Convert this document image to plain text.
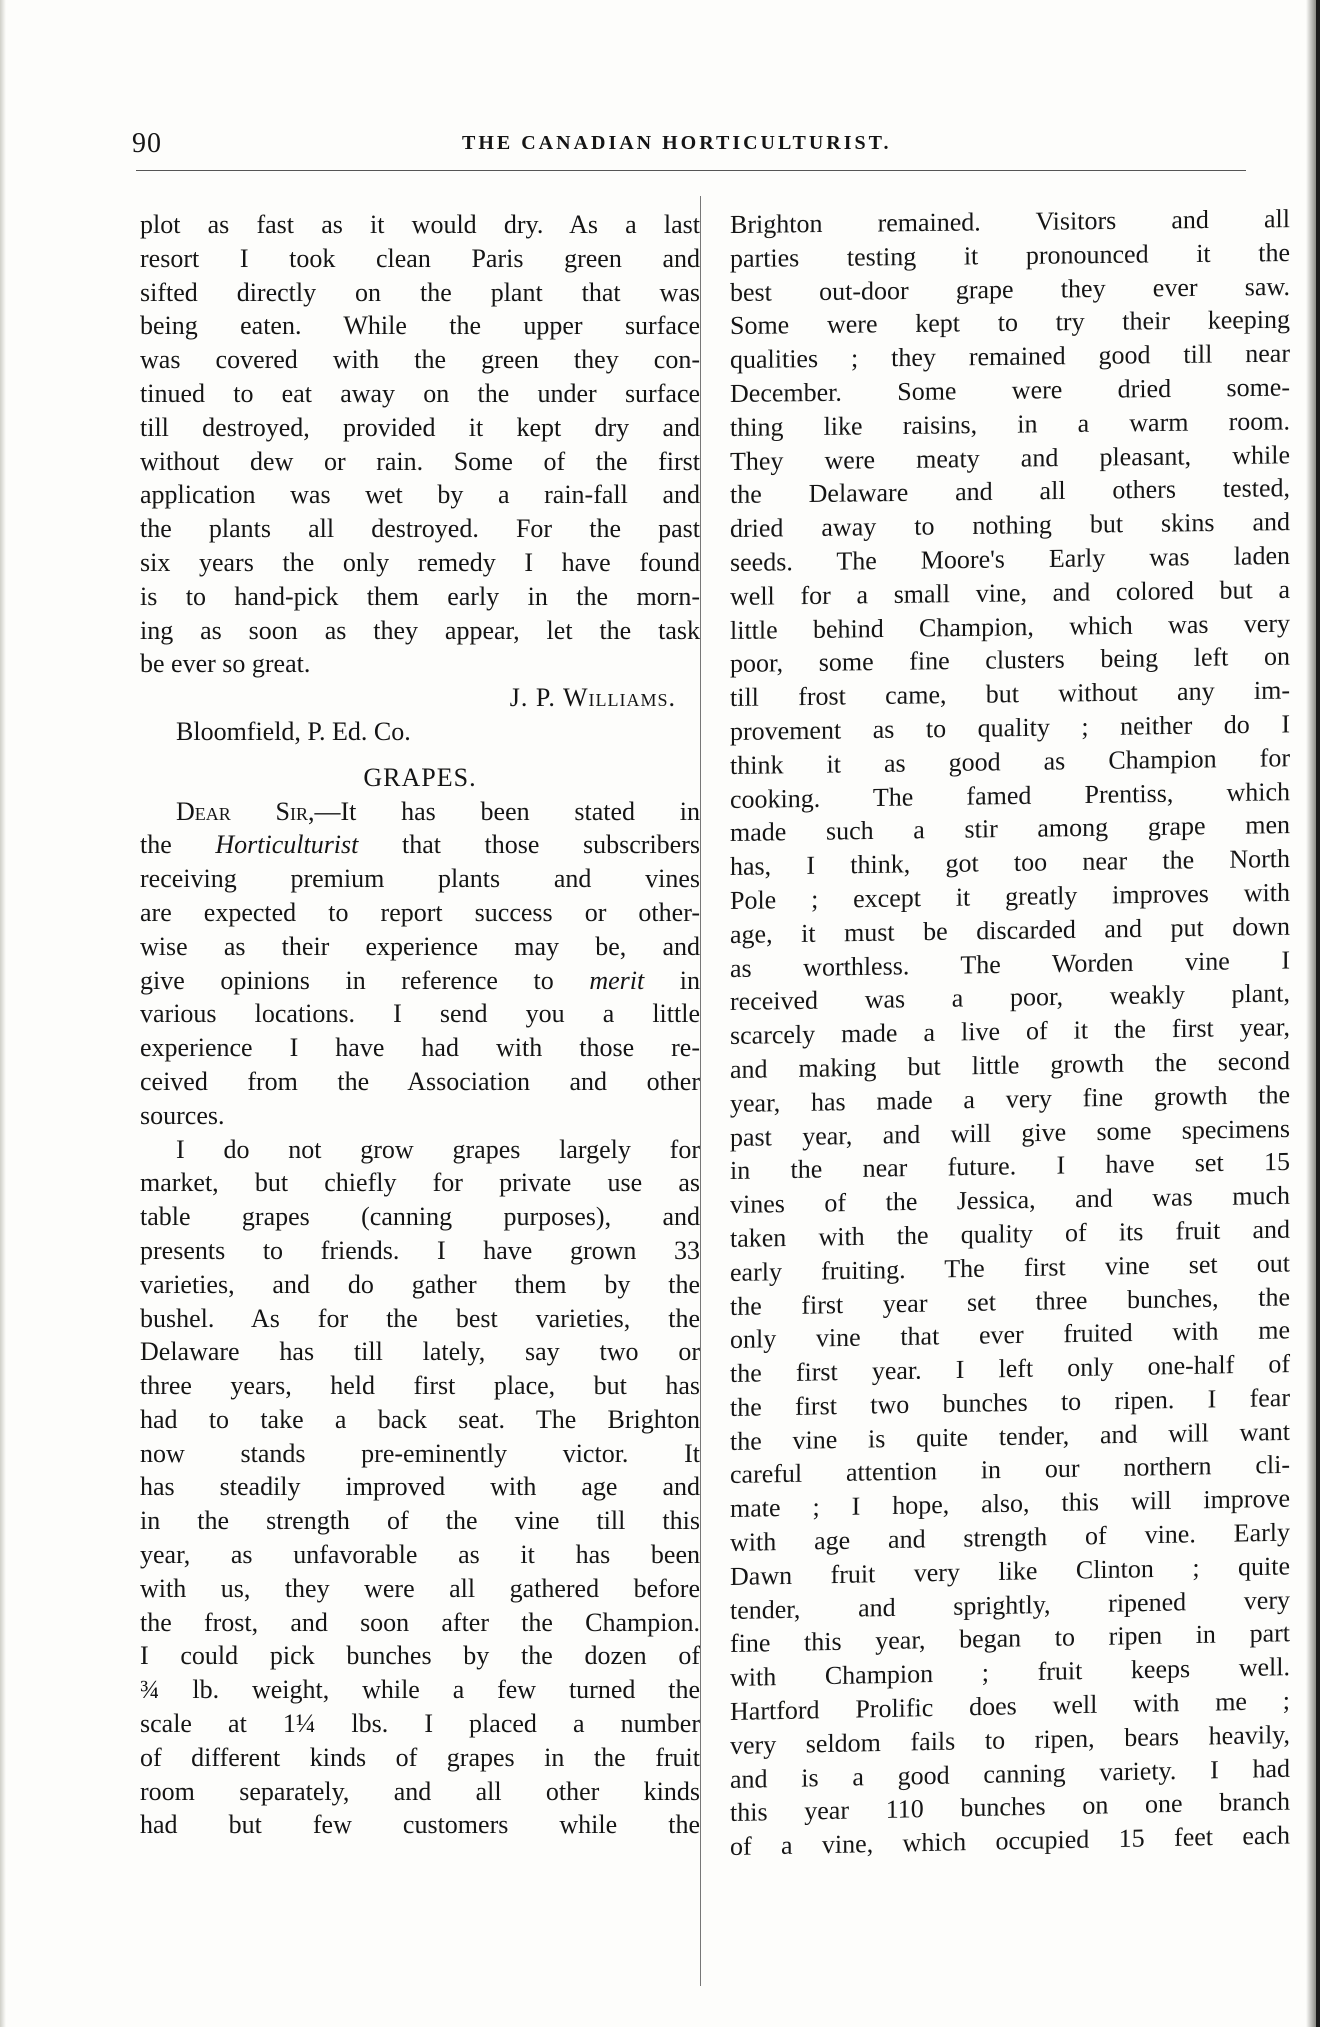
90	THE CANADIAN HORTICULTURIST.
plot as fast as it would dry. As a last
resort I took clean Paris green and
sifted directly on the plant that was
being eaten. While the upper surface
was covered with the green they con-
tinued to eat away on the under surface
till destroyed, provided it kept dry and
without dew or rain. Some of the first
application was wet by a rain-fall and
the plants all destroyed. For the past
six years the only remedy I have found
is to hand-pick them early in the morn-
ing as soon as they appear, let the task
be ever so great.
J. P. Williams.
Bloomfield, P. Ed. Co.
GRAPES.
Dear Sir,—It has been stated in
the Horticulturist that those subscribers
receiving premium plants and vines
are expected to report success or other-
wise as their experience may be, and
give opinions in reference to merit in
various locations. I send you a little
experience I have had with those re-
ceived from the Association and other
sources.
I do not grow grapes largely for
market, but chiefly for private use as
table grapes (canning purposes), and
presents to friends. I have grown 33
varieties, and do gather them by the
bushel. As for the best varieties, the
Delaware has till lately, say two or
three years, held first place, but has
had to take a back seat. The Brighton
now stands pre-eminently victor. It
has steadily improved with age and
in the strength of the vine till this
year, as unfavorable as it has been
with us, they were all gathered before
the frost, and soon after the Champion.
I could pick bunches by the dozen of
¾ lb. weight, while a few turned the
scale at 1¼ lbs. I placed a number
of different kinds of grapes in the fruit
room separately, and all other kinds
had but few customers while the
Brighton remained. Visitors and all
parties testing it pronounced it the
best out-door grape they ever saw.
Some were kept to try their keeping
qualities ; they remained good till near
December. Some were dried some-
thing like raisins, in a warm room.
They were meaty and pleasant, while
the Delaware and all others tested,
dried away to nothing but skins and
seeds. The Moore's Early was laden
well for a small vine, and colored but a
little behind Champion, which was very
poor, some fine clusters being left on
till frost came, but without any im-
provement as to quality ; neither do I
think it as good as Champion for
cooking. The famed Prentiss, which
made such a stir among grape men
has, I think, got too near the North
Pole ; except it greatly improves with
age, it must be discarded and put down
as worthless. The Worden vine I
received was a poor, weakly plant,
scarcely made a live of it the first year,
and making but little growth the second
year, has made a very fine growth the
past year, and will give some specimens
in the near future. I have set 15
vines of the Jessica, and was much
taken with the quality of its fruit and
early fruiting. The first vine set out
the first year set three bunches, the
only vine that ever fruited with me
the first year. I left only one-half of
the first two bunches to ripen. I fear
the vine is quite tender, and will want
careful attention in our northern cli-
mate ; I hope, also, this will improve
with age and strength of vine. Early
Dawn fruit very like Clinton ; quite
tender, and sprightly, ripened very
fine this year, began to ripen in part
with Champion ; fruit keeps well.
Hartford Prolific does well with me ;
very seldom fails to ripen, bears heavily,
and is a good canning variety. I had
this year 110 bunches on one branch
of a vine, which occupied 15 feet each
